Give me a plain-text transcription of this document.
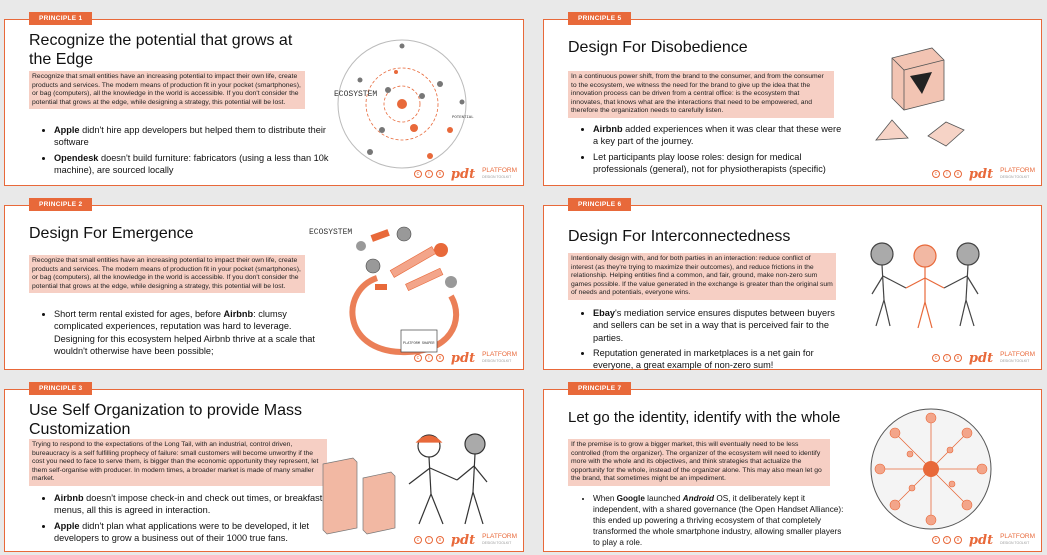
PRINCIPLE 1
Recognize the potential that grows at the Edge
Recognize that small entities have an increasing potential to impact their own life, create products and services. The modern means of production fit in your pocket (smartphones), or bag (computers), all the knowledge in the world is accessible. If you don't consider the potential that grows at the edge, while designing a strategy, this potential will be lost.
• Apple didn't hire app developers but helped them to distribute their software
• Opendesk doesn't build furniture: fabricators (using a less than 10k machine), are sourced locally
ECOSYSTEM
POTENTIAL
c	i	s pdt PLATFORM
DESIGN TOOLKIT
PRINCIPLE 5
Design For Disobedience
In a continuous power shift, from the brand to the consumer, and from the consumer to the ecosystem, we witness the need for the brand to give up the idea that the innovation process can be driven from a central office: is the ecosystem that innovates, that knows what are the interactions that need to be empowered, and therefore the organization needs to carefully listen.
• Airbnb added experiences when it was clear that these were a key part of the journey.
• Let participants play loose roles: design for medical professionals (general), not for physiotherapists (specific)
c	i	s pdt PLATFORM
DESIGN TOOLKIT
PRINCIPLE 2
Design For Emergence
Recognize that small entities have an increasing potential to impact their own life, create products and services. The modern means of production fit in your pocket (smartphones), or bag (computers), all the knowledge in the world is accessible. If you don't consider the potential that grows at the edge, while designing a strategy, this potential will be lost.
• Short term rental existed for ages, before Airbnb: clumsy complicated experiences, reputation was hard to leverage. Designing for this ecosystem helped Airbnb thrive at a scale that wouldn't otherwise have been possible;
ECOSYSTEM
PLATFORM SHAPER
c	i	s pdt PLATFORM
DESIGN TOOLKIT
PRINCIPLE 6
Design For Interconnectedness
Intentionally design with, and for both parties in an interaction: reduce conflict of interest (as they're trying to maximize their outcomes), and reduce frictions in the relationship. Helping entities find a common, and fair, ground, make non-zero sum games possible. If the value generated in the exchange is greater than the original sum of needs and potentials, everyone wins.
• Ebay's mediation service ensures disputes between buyers and sellers can be set in a way that is perceived fair to the parties.
• Reputation generated in marketplaces is a net gain for everyone, a great example of non-zero sum!
c	i	s pdt PLATFORM
DESIGN TOOLKIT
PRINCIPLE 3
Use Self Organization to provide Mass Customization
Trying to respond to the expectations of the Long Tail, with an industrial, control driven, bureaucracy is a self fulfilling prophecy of failure: small customers will become unworthy if the cost you need to face to serve them, is bigger than the economic opportunity they represent, let them self-organise with producer. In modern times, a broader market is made of many smaller market.
• Airbnb doesn't impose check-in and check out times, or breakfast menus, all this is agreed in interaction.
• Apple didn't plan what applications were to be developed, it let developers to grow a business out of their 1000 true fans.	c	i	s pdt PLATFORM
DESIGN TOOLKIT
PRINCIPLE 7
Let go the identity, identify with the whole
If the premise is to grow a bigger market, this will eventually need to be less controlled (from the organizer). The organizer of the ecosystem will need to identify more with the whole and its objectives, and think strategies that actualize the opportunity for the whole, instead of the organizer alone. This may also mean let go the brand, that sometimes might be an impediment.
• When Google launched Android OS, it deliberately kept it independent, with a shared governance (the Open Handset Alliance): this ended up powering a thriving ecosystem of that completely transformed the whole smartphone industry, allowing smaller players to play a role.	c	i	s pdt PLATFORM
DESIGN TOOLKIT
